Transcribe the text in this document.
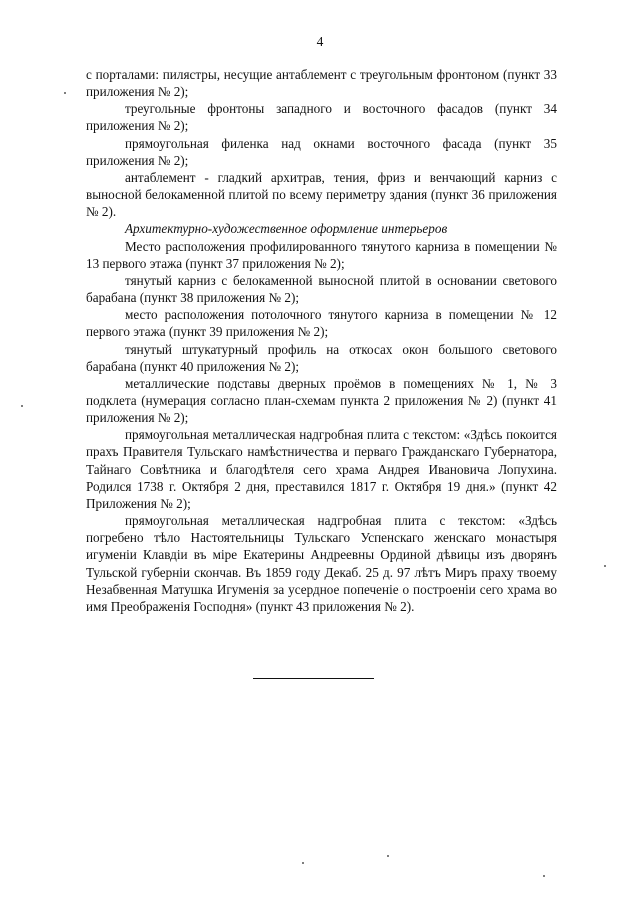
4

с порталами: пилястры, несущие антаблемент с треугольным фронтоном (пункт 33 приложения № 2);

треугольные фронтоны западного и восточного фасадов (пункт 34 приложения № 2);

прямоугольная филенка над окнами восточного фасада (пункт 35 приложения № 2);

антаблемент - гладкий архитрав, тения, фриз и венчающий карниз с выносной белокаменной плитой по всему периметру здания (пункт 36 приложения № 2).

Архитектурно-художественное оформление интерьеров

Место расположения профилированного тянутого карниза в помещении № 13 первого этажа (пункт 37 приложения № 2);

тянутый карниз с белокаменной выносной плитой в основании светового барабана (пункт 38 приложения № 2);

место расположения потолочного тянутого карниза в помещении № 12 первого этажа (пункт 39 приложения № 2);

тянутый штукатурный профиль на откосах окон большого светового барабана (пункт 40 приложения № 2);

металлические подставы дверных проёмов в помещениях № 1, № 3 подклета (нумерация согласно план-схемам пункта 2 приложения № 2) (пункт 41 приложения № 2);

прямоугольная металлическая надгробная плита с текстом: «Здѣсь покоится прахъ Правителя Тульскаго намѣстничества и перваго Гражданскаго Губернатора, Тайнаго Совѣтника и благодѣтеля сего храма Андрея Ивановича Лопухина. Родился 1738 г. Октября 2 дня, преставился 1817 г. Октября 19 дня.» (пункт 42 Приложения № 2);

прямоугольная металлическая надгробная плита с текстом: «Здѣсь погребено тѣло Настоятельницы Тульскаго Успенскаго женскаго монастыря игуменіи Клавдіи въ міре Екатерины Андреевны Ординой дѣвицы изъ дворянъ Тульской губерніи скончав. Въ 1859 году Декаб. 25 д. 97 лѣтъ Миръ праху твоему Незабвенная Матушка Игуменія за усердное попеченіе о построеніи сего храма во имя Преображенія Господня» (пункт 43 приложения № 2).
